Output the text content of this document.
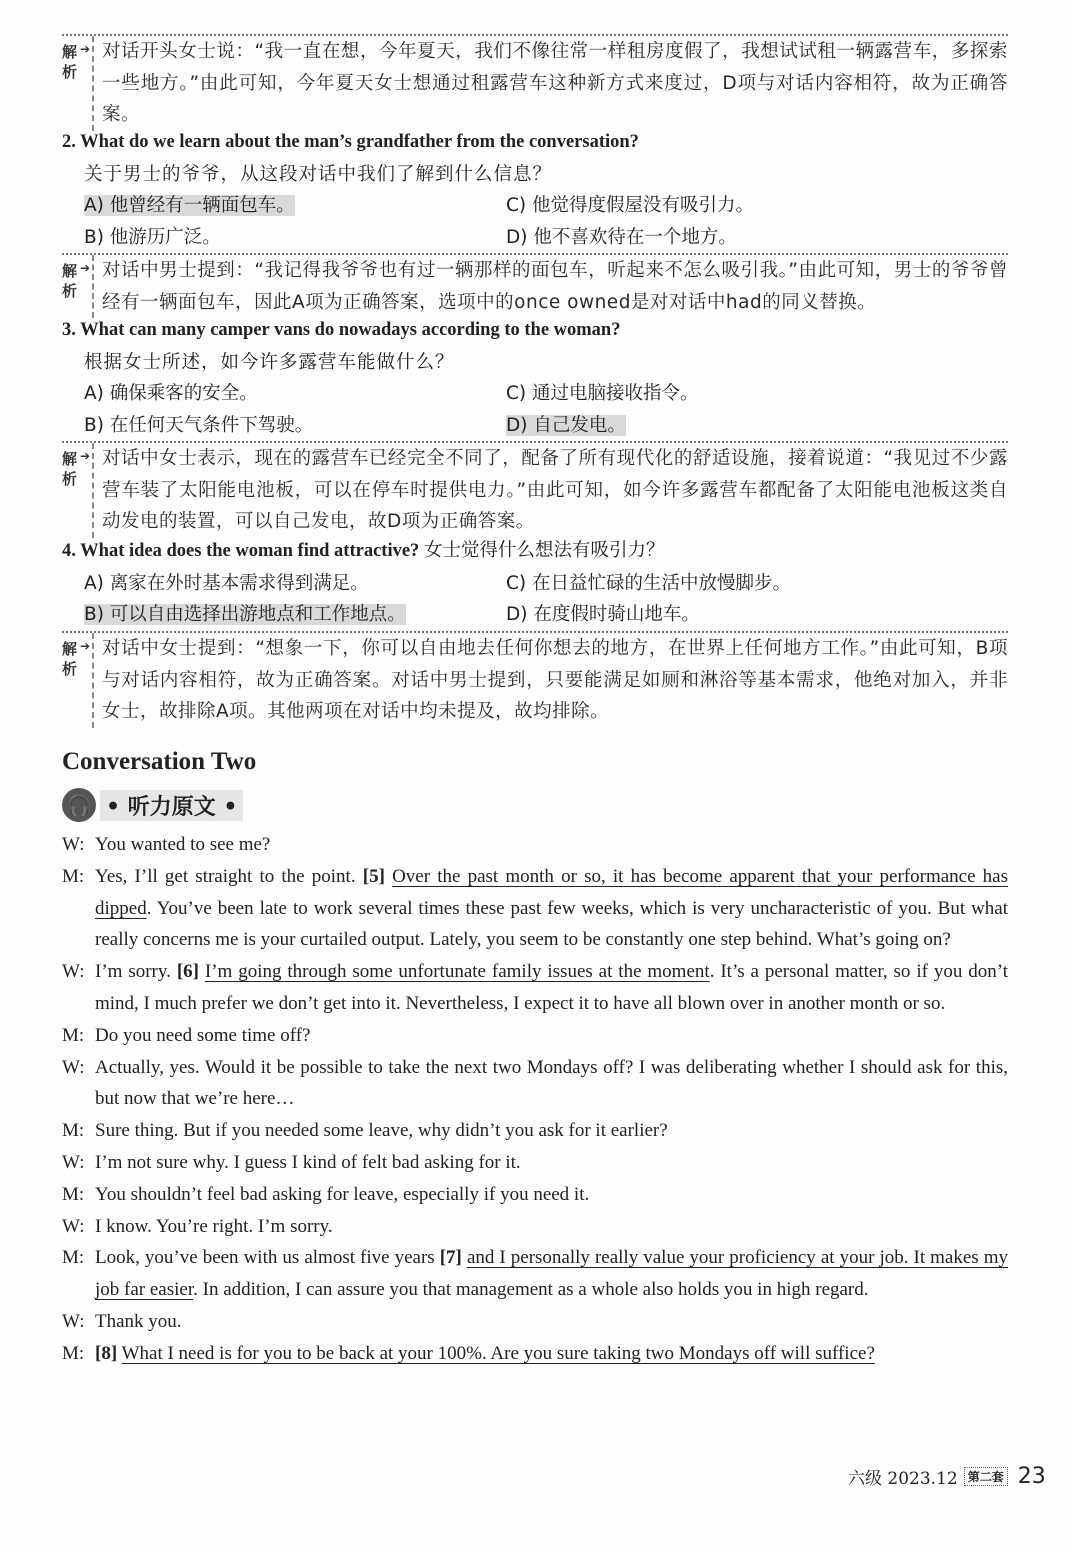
解析
➔ 对话开头女士说：“我一直在想，今年夏天，我们不像往常一样租房度假了，我想试试租一辆露营车，多探索一些地方。”由此可知，今年夏天女士想通过租露营车这种新方式来度过，D项与对话内容相符，故为正确答案。
2. What do we learn about the man’s grandfather from the conversation?
关于男士的爷爷，从这段对话中我们了解到什么信息？
A) 他曾经有一辆面包车。	C) 他觉得度假屋没有吸引力。
B) 他游历广泛。	D) 他不喜欢待在一个地方。
解析
➔ 对话中男士提到：“我记得我爷爷也有过一辆那样的面包车，听起来不怎么吸引我。”由此可知，男士的爷爷曾经有一辆面包车，因此A项为正确答案，选项中的once owned是对对话中had的同义替换。
3. What can many camper vans do nowadays according to the woman?
根据女士所述，如今许多露营车能做什么？
A) 确保乘客的安全。	C) 通过电脑接收指令。
B) 在任何天气条件下驾驶。	D) 自己发电。
解析
➔ 对话中女士表示，现在的露营车已经完全不同了，配备了所有现代化的舒适设施，接着说道：“我见过不少露营车装了太阳能电池板，可以在停车时提供电力。”由此可知，如今许多露营车都配备了太阳能电池板这类自动发电的装置，可以自己发电，故D项为正确答案。
4. What idea does the woman find attractive? 女士觉得什么想法有吸引力？
A) 离家在外时基本需求得到满足。	C) 在日益忙碌的生活中放慢脚步。
B) 可以自由选择出游地点和工作地点。	D) 在度假时骑山地车。
解析
➔ 对话中女士提到：“想象一下，你可以自由地去任何你想去的地方，在世界上任何地方工作。”由此可知，B项与对话内容相符，故为正确答案。对话中男士提到，只要能满足如厕和淋浴等基本需求，他绝对加入，并非女士，故排除A项。其他两项在对话中均未提及，故均排除。
Conversation Two
🎧 • 听力原文 •
W: You wanted to see me?
M: Yes, I’ll get straight to the point. [5] Over the past month or so, it has become apparent that your performance has dipped. You’ve been late to work several times these past few weeks, which is very uncharacteristic of you. But what really concerns me is your curtailed output. Lately, you seem to be constantly one step behind. What’s going on?
W: I’m sorry. [6] I’m going through some unfortunate family issues at the moment. It’s a personal matter, so if you don’t mind, I much prefer we don’t get into it. Nevertheless, I expect it to have all blown over in another month or so.
M: Do you need some time off?
W: Actually, yes. Would it be possible to take the next two Mondays off? I was deliberating whether I should ask for this, but now that we’re here…
M: Sure thing. But if you needed some leave, why didn’t you ask for it earlier?
W: I’m not sure why. I guess I kind of felt bad asking for it.
M: You shouldn’t feel bad asking for leave, especially if you need it.
W: I know. You’re right. I’m sorry.
M: Look, you’ve been with us almost five years [7] and I personally really value your proficiency at your job. It makes my job far easier. In addition, I can assure you that management as a whole also holds you in high regard.
W: Thank you.
M: [8] What I need is for you to be back at your 100%. Are you sure taking two Mondays off will suffice?
六级 2023.12 第二套 23
